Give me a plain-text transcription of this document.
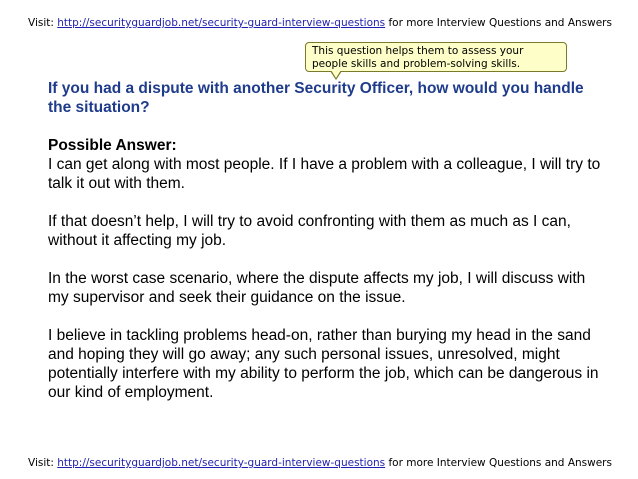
Visit: http://securityguardjob.net/security-guard-interview-questions for more Interview Questions and Answers
This question helps them to assess your people skills and problem-solving skills.

If you had a dispute with another Security Officer, how would you handle the situation?

Possible Answer:

I can get along with most people. If I have a problem with a colleague, I will try to talk it out with them.

If that doesn’t help, I will try to avoid confronting with them as much as I can, without it affecting my job.

In the worst case scenario, where the dispute affects my job, I will discuss with my supervisor and seek their guidance on the issue.

I believe in tackling problems head-on, rather than burying my head in the sand and hoping they will go away; any such personal issues, unresolved, might potentially interfere with my ability to perform the job, which can be dangerous in our kind of employment.

Visit: http://securityguardjob.net/security-guard-interview-questions for more Interview Questions and Answers
